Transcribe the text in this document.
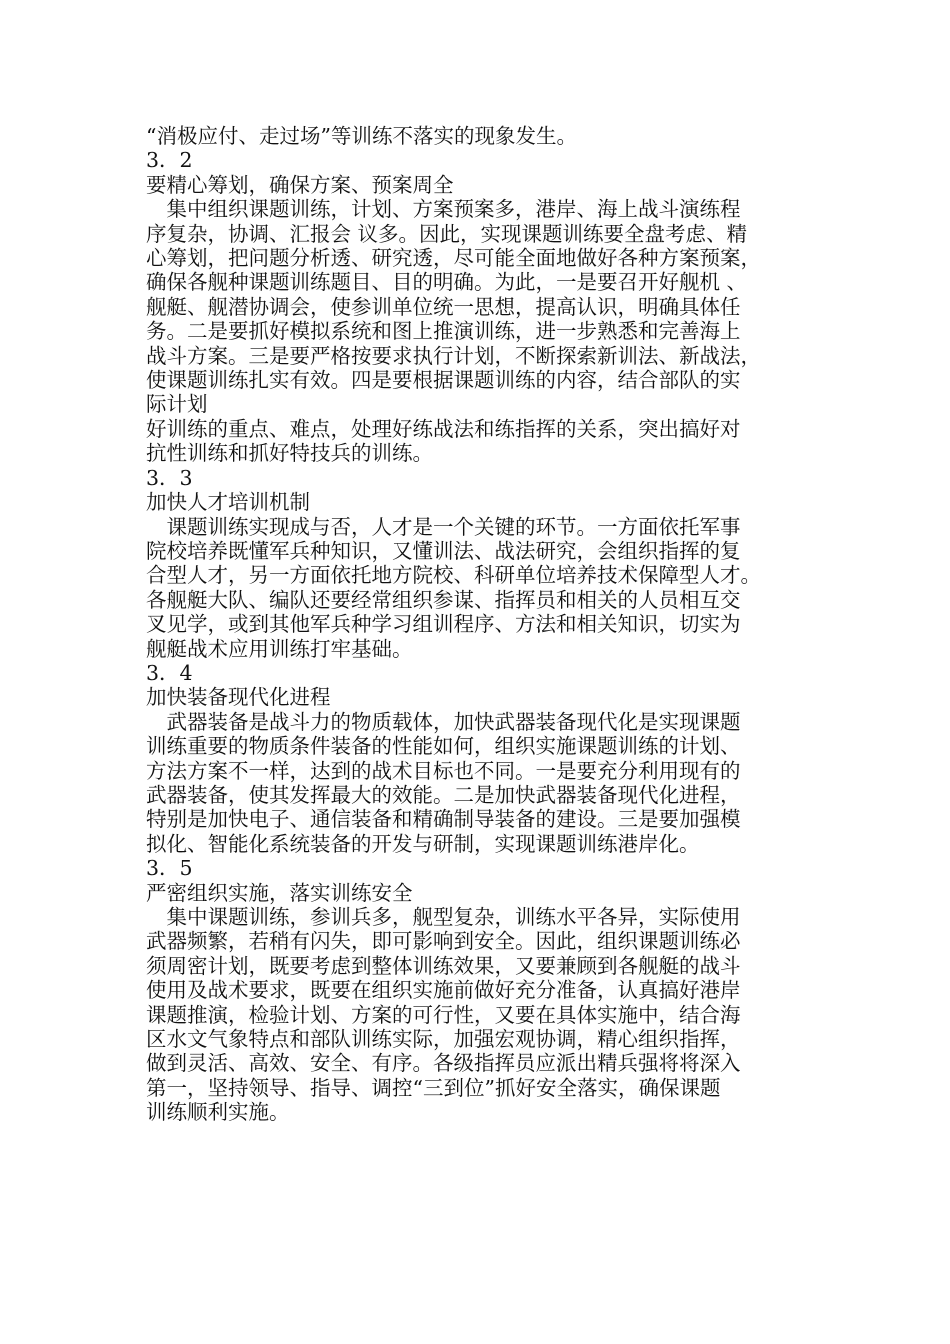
“消极应付、走过场”等训练不落实的现象发生。
3．2
要精心筹划，确保方案、预案周全
　集中组织课题训练，计划、方案预案多，港岸、海上战斗演练程
序复杂，协调、汇报会 议多。因此，实现课题训练要全盘考虑、精
心筹划，把问题分析透、研究透，尽可能全面地做好各种方案预案，
确保各舰种课题训练题目、目的明确。为此，一是要召开好舰机 、
舰艇、舰潜协调会，使参训单位统一思想，提高认识，明确具体任
务。二是要抓好模拟系统和图上推演训练，进一步熟悉和完善海上
战斗方案。三是要严格按要求执行计划，不断探索新训法、新战法，
使课题训练扎实有效。四是要根据课题训练的内容，结合部队的实
际计划
好训练的重点、难点，处理好练战法和练指挥的关系，突出搞好对
抗性训练和抓好特技兵的训练。
3．3
加快人才培训机制
　课题训练实现成与否，人才是一个关键的环节。一方面依托军事
院校培养既懂军兵种知识，又懂训法、战法研究，会组织指挥的复
合型人才，另一方面依托地方院校、科研单位培养技术保障型人才。
各舰艇大队、编队还要经常组织参谋、指挥员和相关的人员相互交
叉见学，或到其他军兵种学习组训程序、方法和相关知识，切实为
舰艇战术应用训练打牢基础。
3．4
加快装备现代化进程
　武器装备是战斗力的物质载体，加快武器装备现代化是实现课题
训练重要的物质条件装备的性能如何，组织实施课题训练的计划、
方法方案不一样，达到的战术目标也不同。一是要充分利用现有的
武器装备，使其发挥最大的效能。二是加快武器装备现代化进程，
特别是加快电子、通信装备和精确制导装备的建设。三是要加强模
拟化、智能化系统装备的开发与研制，实现课题训练港岸化。
3．5
严密组织实施，落实训练安全
　集中课题训练，参训兵多，舰型复杂，训练水平各异，实际使用
武器频繁，若稍有闪失，即可影响到安全。因此，组织课题训练必
须周密计划，既要考虑到整体训练效果，又要兼顾到各舰艇的战斗
使用及战术要求，既要在组织实施前做好充分准备，认真搞好港岸
课题推演，检验计划、方案的可行性，又要在具体实施中，结合海
区水文气象特点和部队训练实际，加强宏观协调，精心组织指挥，
做到灵活、高效、安全、有序。各级指挥员应派出精兵强将将深入
第一，坚持领导、指导、调控“三到位”抓好安全落实，确保课题
训练顺利实施。
